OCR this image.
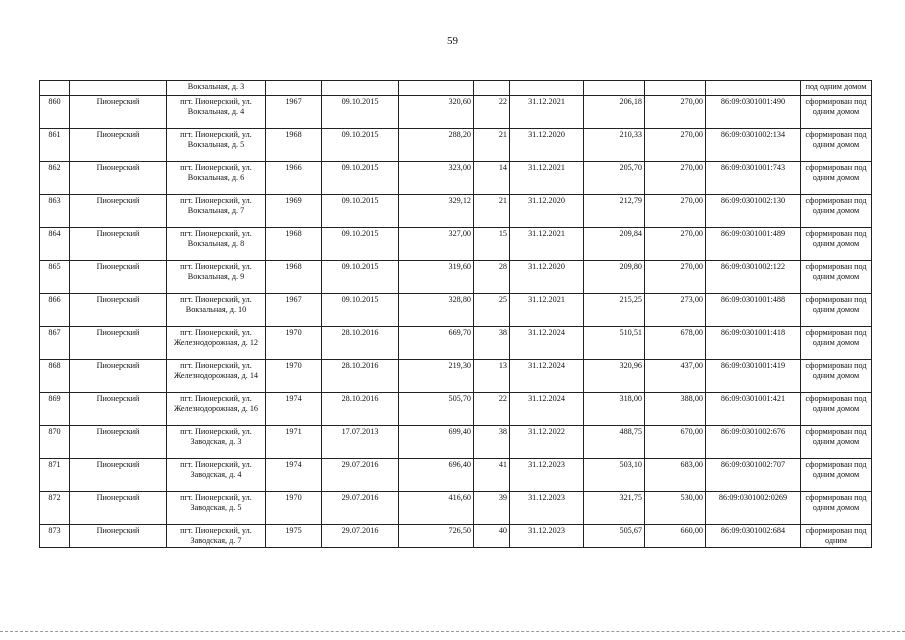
59
		Вокзальная, д. 3									под одним домом
860	Пионерский	пгт. Пионерский, ул. Вокзальная, д. 4	1967	09.10.2015	320,60	22	31.12.2021	206,18	270,00	86:09:0301001:490	сформирован под одним домом
861	Пионерский	пгт. Пионерский, ул. Вокзальная, д. 5	1968	09.10.2015	288,20	21	31.12.2020	210,33	270,00	86:09:0301002:134	сформирован под одним домом
862	Пионерский	пгт. Пионерский, ул. Вокзальная, д. 6	1966	09.10.2015	323,00	14	31.12.2021	205,70	270,00	86:09:0301001:743	сформирован под одним домом
863	Пионерский	пгт. Пионерский, ул. Вокзальная, д. 7	1969	09.10.2015	329,12	21	31.12.2020	212,79	270,00	86:09:0301002:130	сформирован под одним домом
864	Пионерский	пгт. Пионерский, ул. Вокзальная, д. 8	1968	09.10.2015	327,00	15	31.12.2021	209,84	270,00	86:09:0301001:489	сформирован под одним домом
865	Пионерский	пгт. Пионерский, ул. Вокзальная, д. 9	1968	09.10.2015	319,60	28	31.12.2020	209,80	270,00	86:09:0301002:122	сформирован под одним домом
866	Пионерский	пгт. Пионерский, ул. Вокзальная, д. 10	1967	09.10.2015	328,80	25	31.12.2021	215,25	273,00	86:09:0301001:488	сформирован под одним домом
867	Пионерский	пгт. Пионерский, ул. Железнодорожная, д. 12	1970	28.10.2016	669,70	38	31.12.2024	510,51	678,00	86:09:0301001:418	сформирован под одним домом
868	Пионерский	пгт. Пионерский, ул. Железнодорожная, д. 14	1970	28.10.2016	219,30	13	31.12.2024	320,96	437,00	86:09:0301001:419	сформирован под одним домом
869	Пионерский	пгт. Пионерский, ул. Железнодорожная, д. 16	1974	28.10.2016	505,70	22	31.12.2024	318,00	388,00	86:09:0301001:421	сформирован под одним домом
870	Пионерский	пгт. Пионерский, ул. Заводская, д. 3	1971	17.07.2013	699,40	38	31.12.2022	488,75	670,00	86:09:0301002:676	сформирован под одним домом
871	Пионерский	пгт. Пионерский, ул. Заводская, д. 4	1974	29.07.2016	696,40	41	31.12.2023	503,10	683,00	86:09:0301002:707	сформирован под одним домом
872	Пионерский	пгт. Пионерский, ул. Заводская, д. 5	1970	29.07.2016	416,60	39	31.12.2023	321,75	530,00	86:09:0301002:0269	сформирован под одним домом
873	Пионерский	пгт. Пионерский, ул. Заводская, д. 7	1975	29.07.2016	726,50	40	31.12.2023	505,67	660,00	86:09:0301002:684	сформирован под одним
